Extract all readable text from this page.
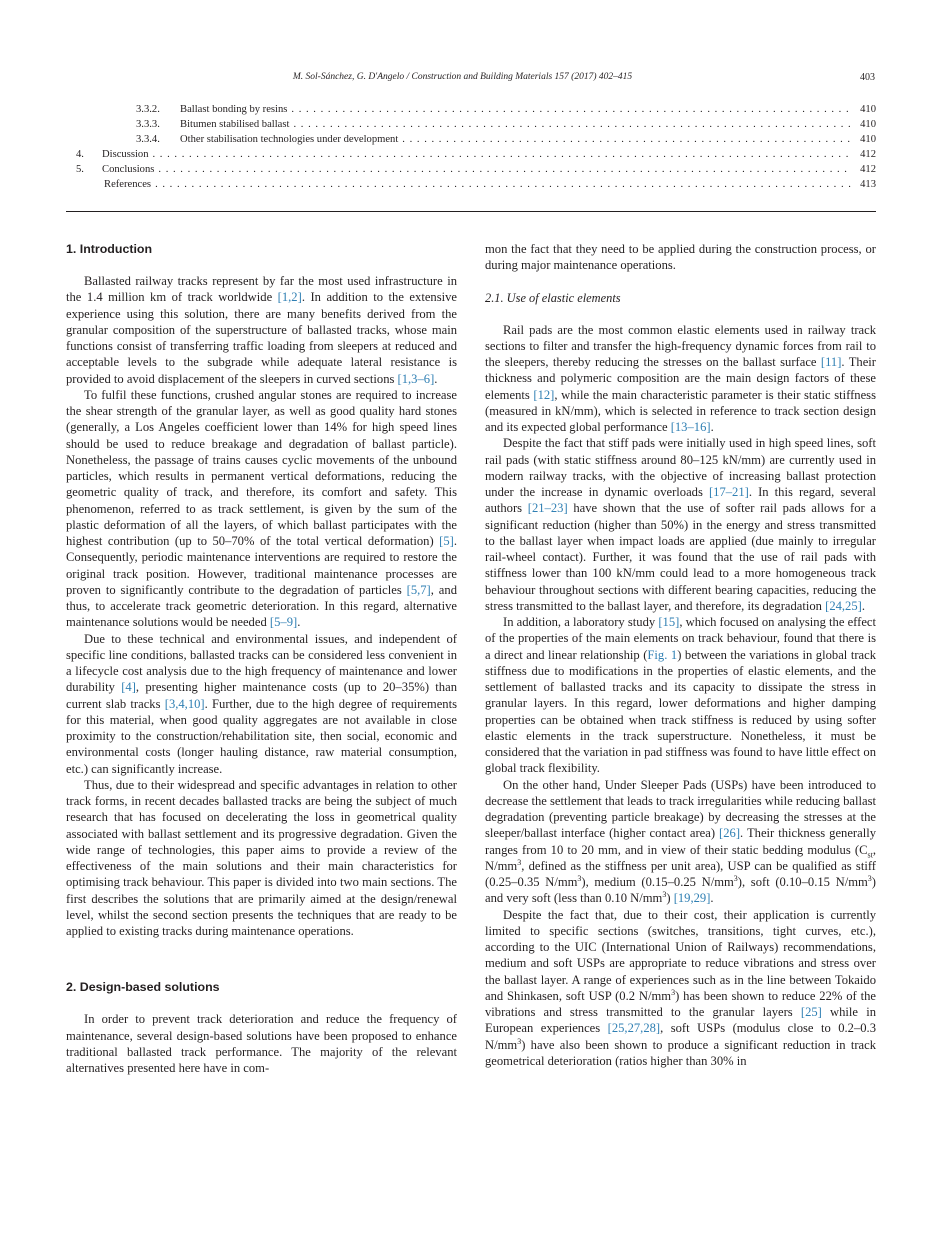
M. Sol-Sánchez, G. D'Angelo / Construction and Building Materials 157 (2017) 402–415	403
3.3.2.	Ballast bonding by resins . . .	410
3.3.3.	Bitumen stabilised ballast . . .	410
3.3.4.	Other stabilisation technologies under development . . .	410
4.	Discussion . . .	412
5.	Conclusions . . .	412
References . . .	413
1. Introduction

Ballasted railway tracks represent by far the most used infrastructure in the 1.4 million km of track worldwide [1,2]. In addition to the extensive experience using this solution, there are many benefits derived from the granular composition of the superstructure of ballasted tracks, whose main functions consist of transferring traffic loading from sleepers at reduced and acceptable levels to the subgrade while adequate lateral resistance is provided to avoid displacement of the sleepers in curved sections [1,3–6].

To fulfil these functions, crushed angular stones are required to increase the shear strength of the granular layer, as well as good quality hard stones (generally, a Los Angeles coefficient lower than 14% for high speed lines should be used to reduce breakage and degradation of ballast particle). Nonetheless, the passage of trains causes cyclic movements of the unbound particles, which results in permanent vertical deformations, reducing the geometric quality of track, and therefore, its comfort and safety. This phenomenon, referred to as track settlement, is given by the sum of the plastic deformation of all the layers, of which ballast participates with the highest contribution (up to 50–70% of the total vertical deformation) [5]. Consequently, periodic maintenance interventions are required to restore the original track position. However, traditional maintenance processes are proven to significantly contribute to the degradation of particles [5,7], and thus, to accelerate track geometric deterioration. In this regard, alternative maintenance solutions would be needed [5–9].

Due to these technical and environmental issues, and independent of specific line conditions, ballasted tracks can be considered less convenient in a lifecycle cost analysis due to the high frequency of maintenance and lower durability [4], presenting higher maintenance costs (up to 20–35%) than current slab tracks [3,4,10]. Further, due to the high degree of requirements for this material, when good quality aggregates are not available in close proximity to the construction/rehabilitation site, then social, economic and environmental costs (longer hauling distance, raw material consumption, etc.) can significantly increase.

Thus, due to their widespread and specific advantages in relation to other track forms, in recent decades ballasted tracks are being the subject of much research that has focused on decelerating the loss in geometrical quality associated with ballast settlement and its progressive degradation. Given the wide range of technologies, this paper aims to provide a review of the effectiveness of the main solutions and their main characteristics for optimising track behaviour. This paper is divided into two main sections. The first describes the solutions that are primarily aimed at the design/renewal level, whilst the second section presents the techniques that are ready to be applied to existing tracks during maintenance operations.

2. Design-based solutions

In order to prevent track deterioration and reduce the frequency of maintenance, several design-based solutions have been proposed to enhance traditional ballasted track performance. The majority of the relevant alternatives presented here have in com-

mon the fact that they need to be applied during the construction process, or during major maintenance operations.

2.1. Use of elastic elements

Rail pads are the most common elastic elements used in railway track sections to filter and transfer the high-frequency dynamic forces from rail to the sleepers, thereby reducing the stresses on the ballast surface [11]. Their thickness and polymeric composition are the main design factors of these elements [12], while the main characteristic parameter is their static stiffness (measured in kN/mm), which is selected in reference to track section design and its expected global performance [13–16].

Despite the fact that stiff pads were initially used in high speed lines, soft rail pads (with static stiffness around 80–125 kN/mm) are currently used in modern railway tracks, with the objective of increasing ballast protection under the increase in dynamic overloads [17–21]. In this regard, several authors [21–23] have shown that the use of softer rail pads allows for a significant reduction (higher than 50%) in the energy and stress transmitted to the ballast layer when impact loads are applied (due mainly to irregular rail-wheel contact). Further, it was found that the use of rail pads with stiffness lower than 100 kN/mm could lead to a more homogeneous track behaviour throughout sections with different bearing capacities, reducing the stress transmitted to the ballast layer, and therefore, its degradation [24,25].

In addition, a laboratory study [15], which focused on analysing the effect of the properties of the main elements on track behaviour, found that there is a direct and linear relationship (Fig. 1) between the variations in global track stiffness due to modifications in the properties of elastic elements, and the settlement of ballasted tracks and its capacity to dissipate the stress in granular layers. In this regard, lower deformations and higher damping properties can be obtained when track stiffness is reduced by using softer elastic elements in the track superstructure. Nonetheless, it must be considered that the variation in pad stiffness was found to have little effect on global track flexibility.

On the other hand, Under Sleeper Pads (USPs) have been introduced to decrease the settlement that leads to track irregularities while reducing ballast degradation (preventing particle breakage) by decreasing the stresses at the sleeper/ballast interface (higher contact area) [26]. Their thickness generally ranges from 10 to 20 mm, and in view of their static bedding modulus ($C_{st}$, $N/mm^3$, defined as the stiffness per unit area), USP can be qualified as stiff (0.25–0.35 $N/mm^3$), medium (0.15–0.25 $N/mm^3$), soft (0.10–0.15 $N/mm^3$) and very soft (less than 0.10 $N/mm^3$) [19,29].

Despite the fact that, due to their cost, their application is currently limited to specific sections (switches, transitions, tight curves, etc.), according to the UIC (International Union of Railways) recommendations, medium and soft USPs are appropriate to reduce vibrations and stress over the ballast layer. A range of experiences such as in the line between Tokaido and Shinkasen, soft USP (0.2 $N/mm^3$) has been shown to reduce 22% of the vibrations and stress transmitted to the granular layers [25] while in European experiences [25,27,28], soft USPs (modulus close to 0.2–0.3 $N/mm^3$) have also been shown to produce a significant reduction in track geometrical deterioration (ratios higher than 30% in
